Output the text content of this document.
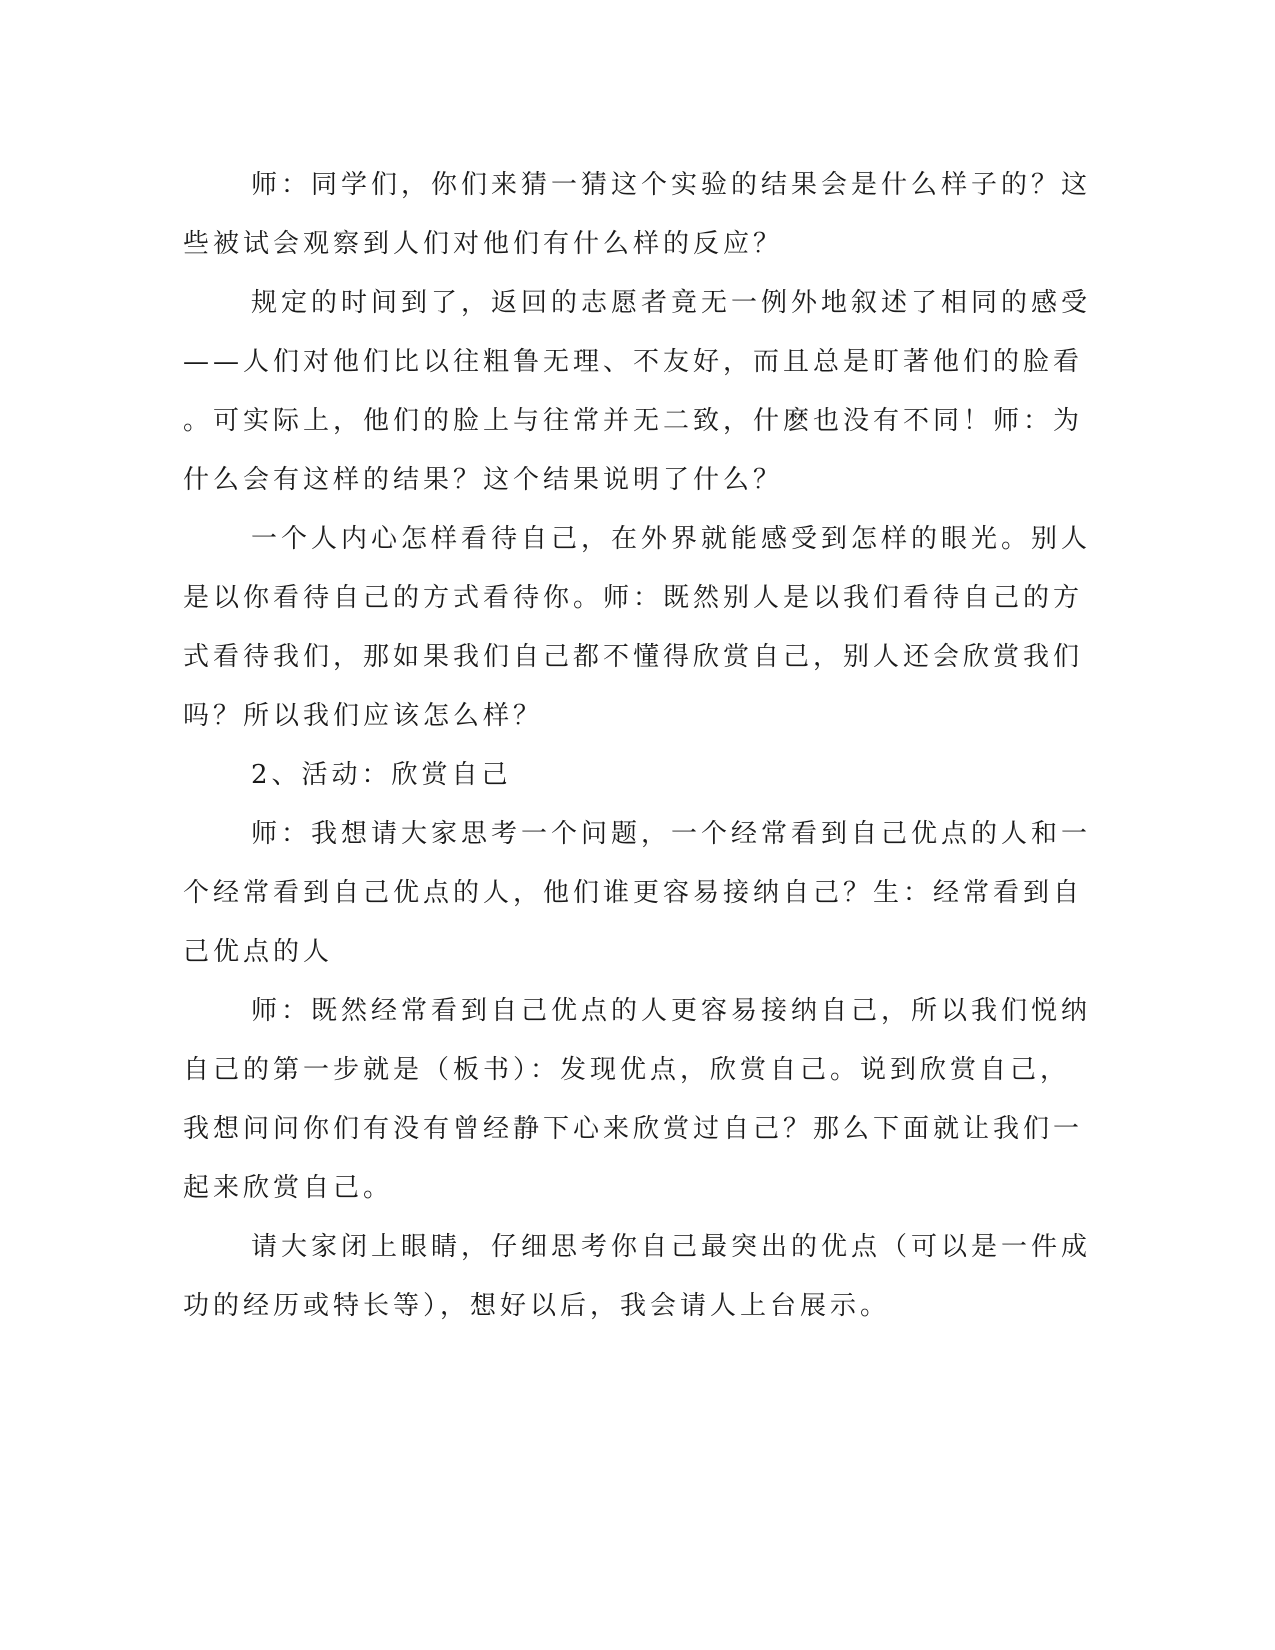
师：同学们，你们来猜一猜这个实验的结果会是什么样子的？这
些被试会观察到人们对他们有什么样的反应？

规定的时间到了，返回的志愿者竟无一例外地叙述了相同的感受
——人们对他们比以往粗鲁无理、不友好，而且总是盯著他们的脸看
。可实际上，他们的脸上与往常并无二致，什麽也没有不同！师：为
什么会有这样的结果？这个结果说明了什么？

一个人内心怎样看待自己，在外界就能感受到怎样的眼光。别人
是以你看待自己的方式看待你。师：既然别人是以我们看待自己的方
式看待我们，那如果我们自己都不懂得欣赏自己，别人还会欣赏我们
吗？所以我们应该怎么样？

2、活动：欣赏自己

师：我想请大家思考一个问题，一个经常看到自己优点的人和一
个经常看到自己优点的人，他们谁更容易接纳自己？生：经常看到自
己优点的人

师：既然经常看到自己优点的人更容易接纳自己，所以我们悦纳
自己的第一步就是（板书）：发现优点，欣赏自己。说到欣赏自己，
我想问问你们有没有曾经静下心来欣赏过自己？那么下面就让我们一
起来欣赏自己。

请大家闭上眼睛，仔细思考你自己最突出的优点（可以是一件成
功的经历或特长等），想好以后，我会请人上台展示。
